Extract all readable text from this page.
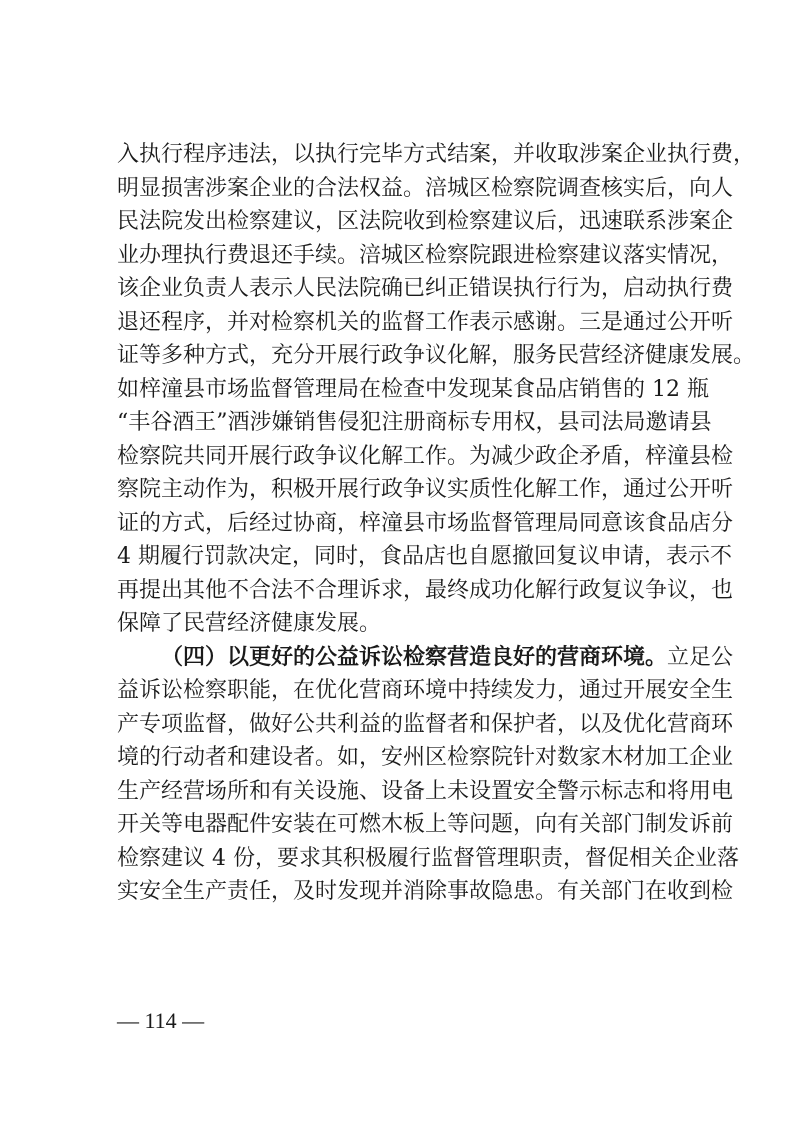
入执行程序违法，以执行完毕方式结案，并收取涉案企业执行费，
明显损害涉案企业的合法权益。涪城区检察院调查核实后，向人
民法院发出检察建议，区法院收到检察建议后，迅速联系涉案企
业办理执行费退还手续。涪城区检察院跟进检察建议落实情况，
该企业负责人表示人民法院确已纠正错误执行行为，启动执行费
退还程序，并对检察机关的监督工作表示感谢。三是通过公开听
证等多种方式，充分开展行政争议化解，服务民营经济健康发展。
如梓潼县市场监督管理局在检查中发现某食品店销售的 12 瓶
“丰谷酒王”酒涉嫌销售侵犯注册商标专用权，县司法局邀请县
检察院共同开展行政争议化解工作。为减少政企矛盾，梓潼县检
察院主动作为，积极开展行政争议实质性化解工作，通过公开听
证的方式，后经过协商，梓潼县市场监督管理局同意该食品店分
4 期履行罚款决定，同时，食品店也自愿撤回复议申请，表示不
再提出其他不合法不合理诉求，最终成功化解行政复议争议，也
保障了民营经济健康发展。
（四）以更好的公益诉讼检察营造良好的营商环境。立足公
益诉讼检察职能，在优化营商环境中持续发力，通过开展安全生
产专项监督，做好公共利益的监督者和保护者，以及优化营商环
境的行动者和建设者。如，安州区检察院针对数家木材加工企业
生产经营场所和有关设施、设备上未设置安全警示标志和将用电
开关等电器配件安装在可燃木板上等问题，向有关部门制发诉前
检察建议 4 份，要求其积极履行监督管理职责，督促相关企业落
实安全生产责任，及时发现并消除事故隐患。有关部门在收到检
— 114 —
